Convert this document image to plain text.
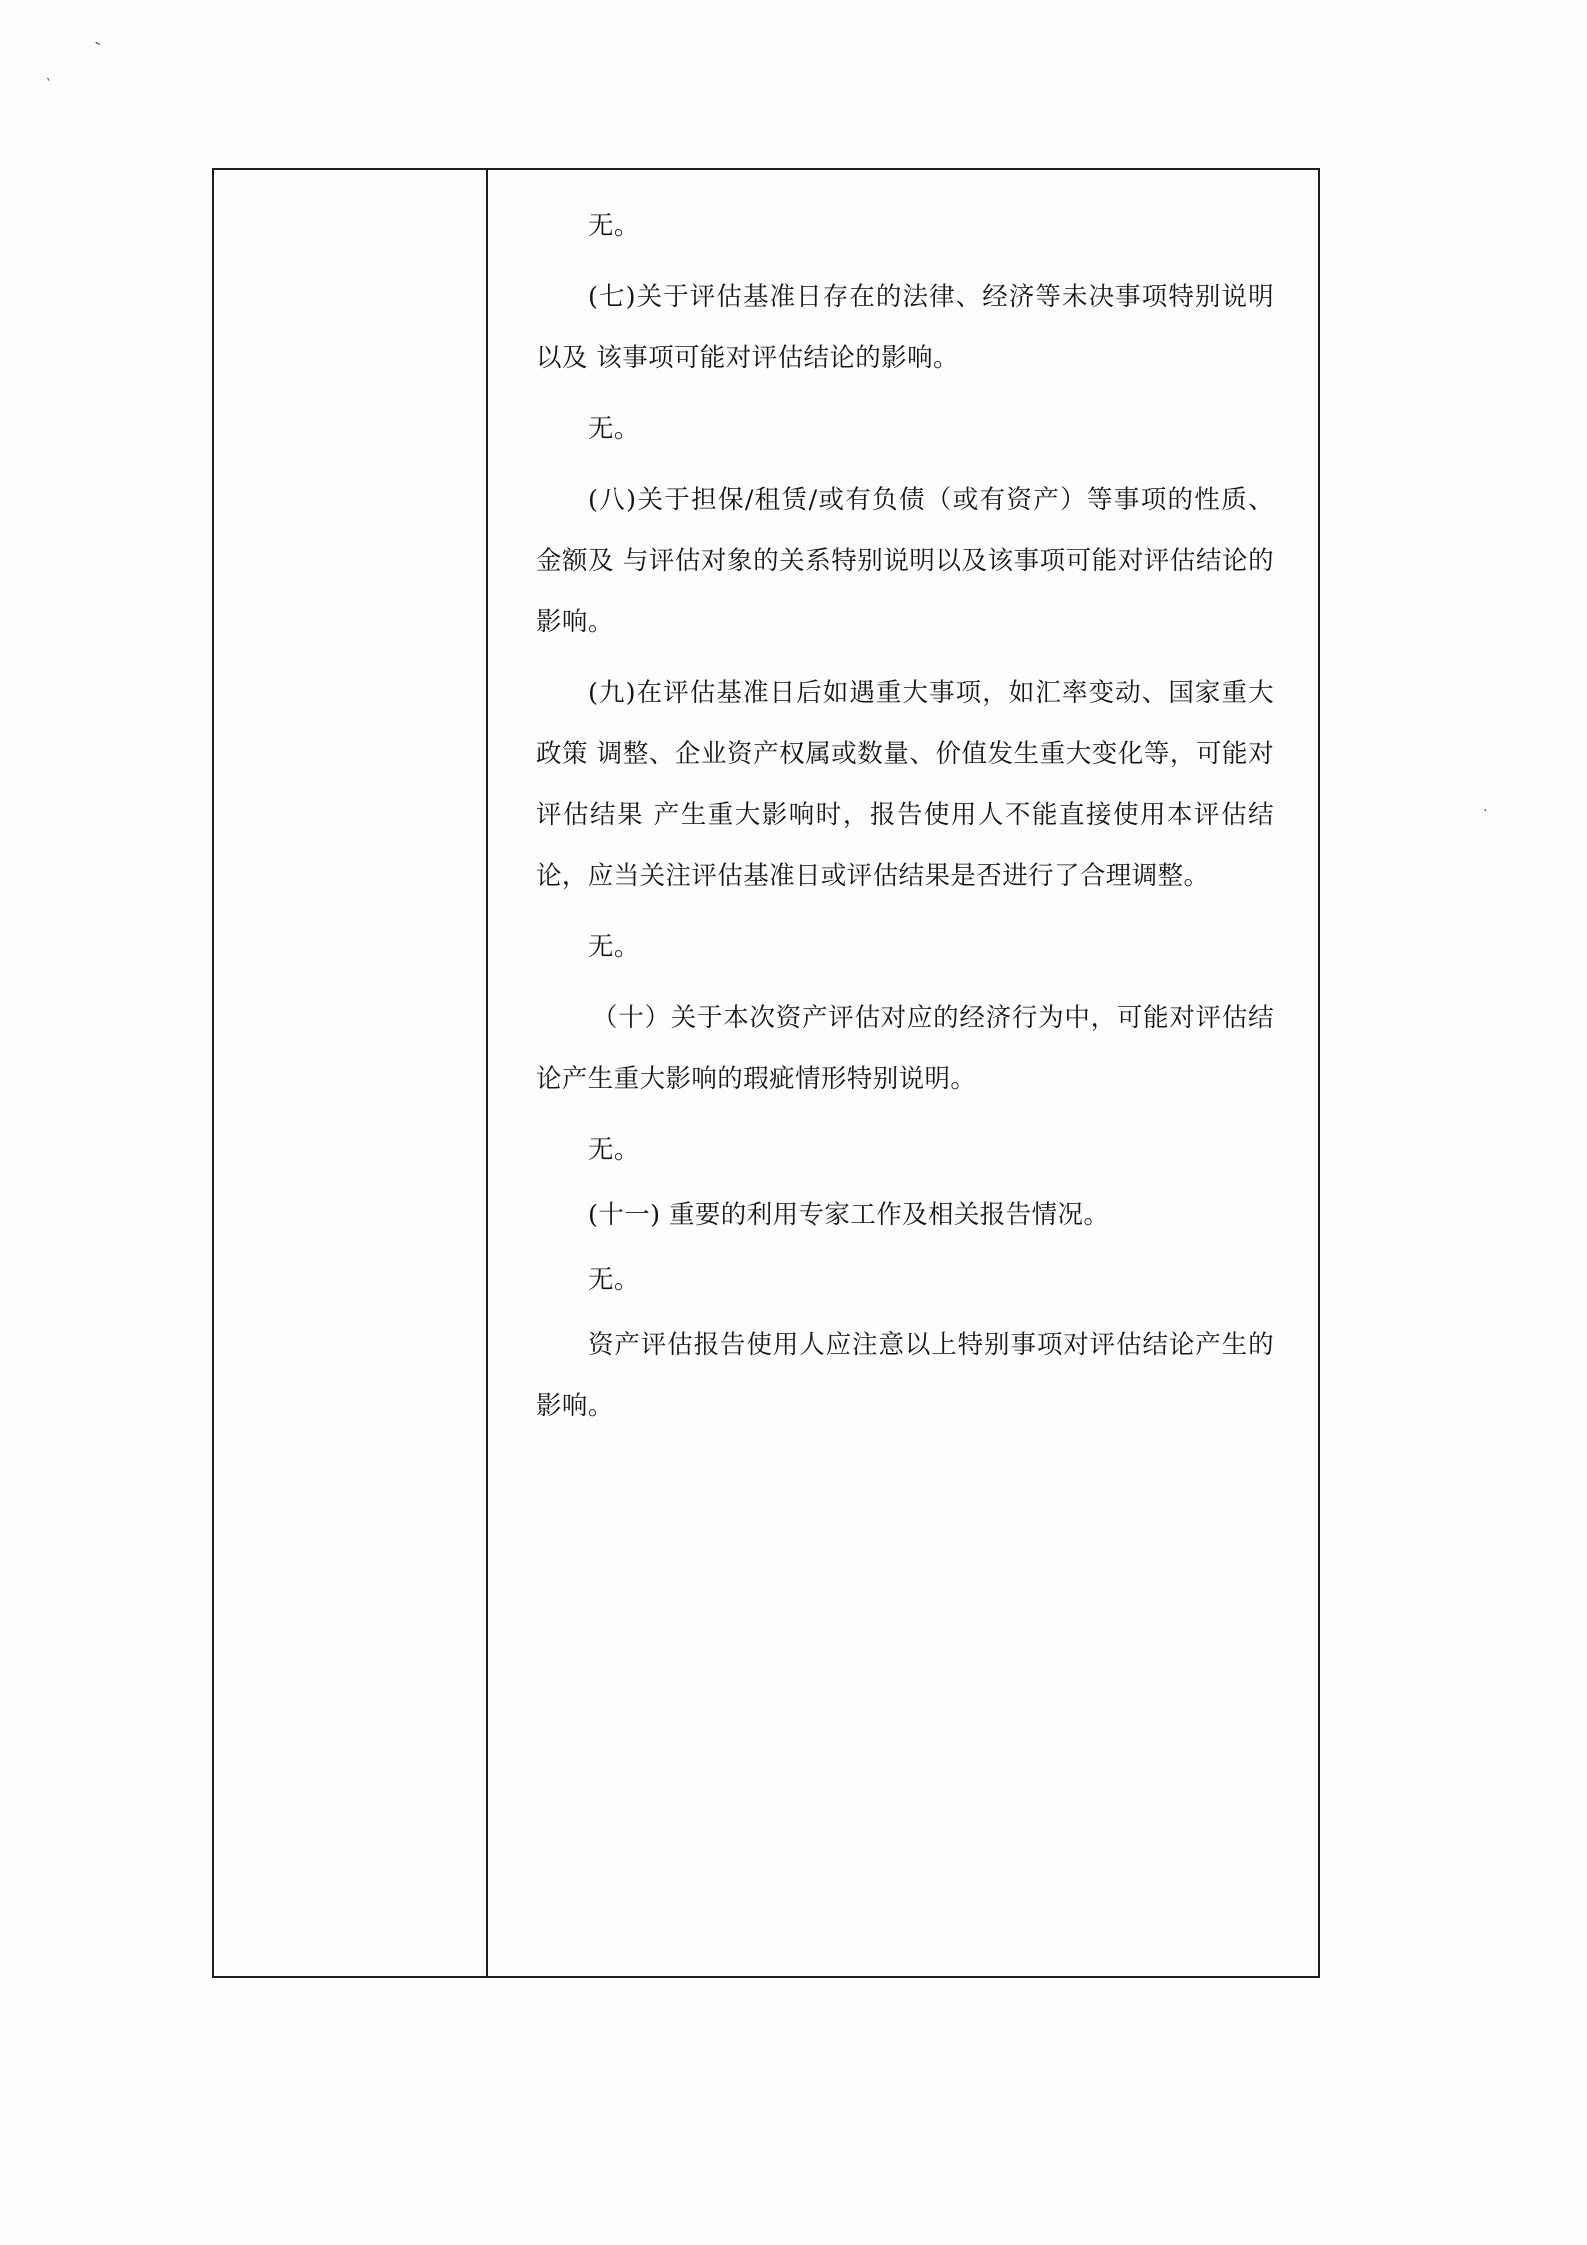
ˋ
ˋ
.

无。

(七)关于评估基准日存在的法律、经济等未决事项特别说明以及 该事项可能对评估结论的影响。

无。

(八)关于担保/租赁/或有负债（或有资产）等事项的性质、金额及 与评估对象的关系特别说明以及该事项可能对评估结论的影响。

(九)在评估基准日后如遇重大事项，如汇率变动、国家重大政策 调整、企业资产权属或数量、价值发生重大变化等，可能对评估结果 产生重大影响时，报告使用人不能直接使用本评估结论，应当关注评估基准日或评估结果是否进行了合理调整。

无。

（十）关于本次资产评估对应的经济行为中，可能对评估结论产生重大影响的瑕疵情形特别说明。

无。

(十一) 重要的利用专家工作及相关报告情况。

无。

资产评估报告使用人应注意以上特别事项对评估结论产生的影响。
